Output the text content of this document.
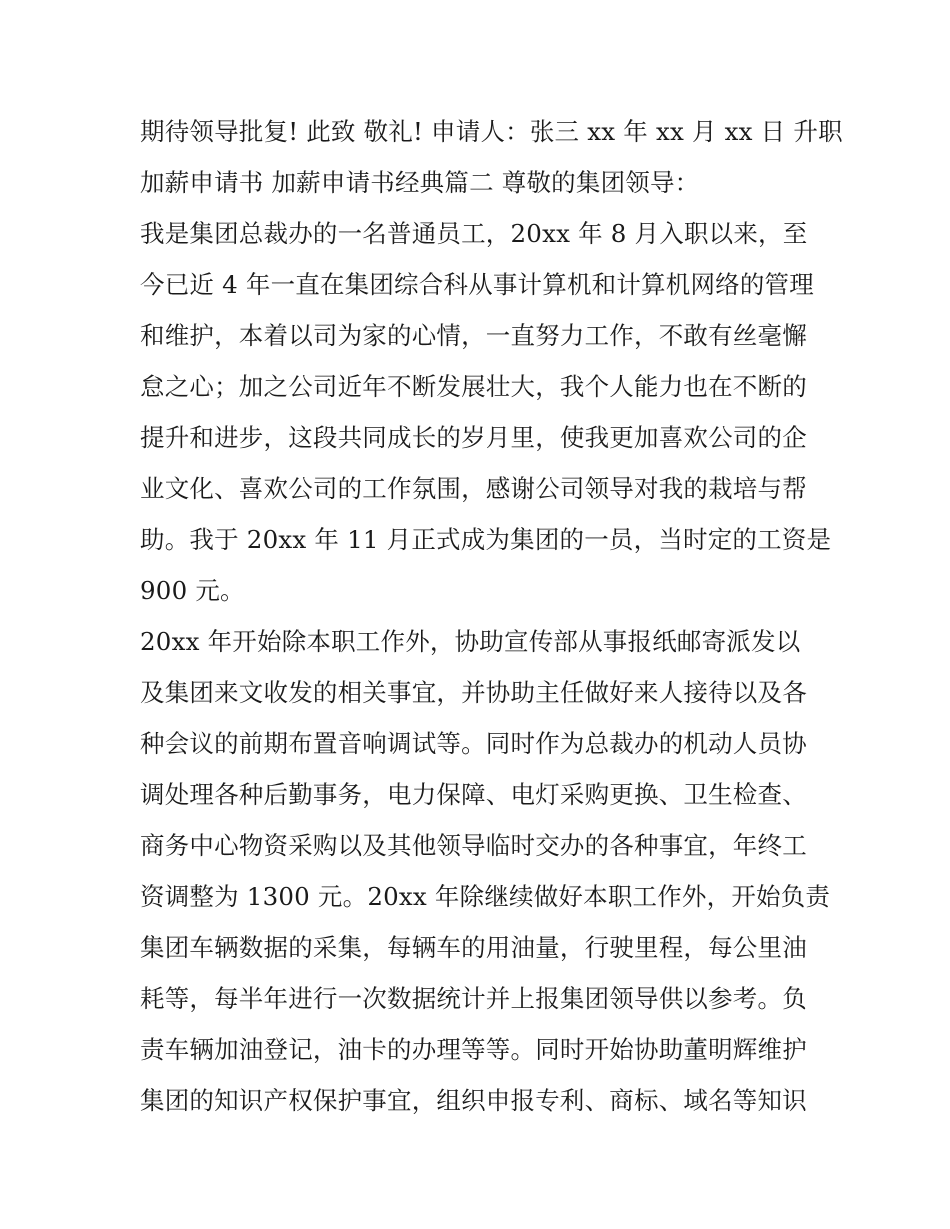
期待领导批复! 此致 敬礼! 申请人：张三 xx 年 xx 月 xx 日 升职
加薪申请书 加薪申请书经典篇二 尊敬的集团领导：
我是集团总裁办的一名普通员工，20xx 年 8 月入职以来，至
今已近 4 年一直在集团综合科从事计算机和计算机网络的管理
和维护，本着以司为家的心情，一直努力工作，不敢有丝毫懈
怠之心；加之公司近年不断发展壮大，我个人能力也在不断的
提升和进步，这段共同成长的岁月里，使我更加喜欢公司的企
业文化、喜欢公司的工作氛围，感谢公司领导对我的栽培与帮
助。我于 20xx 年 11 月正式成为集团的一员，当时定的工资是
900 元。
20xx 年开始除本职工作外，协助宣传部从事报纸邮寄派发以
及集团来文收发的相关事宜，并协助主任做好来人接待以及各
种会议的前期布置音响调试等。同时作为总裁办的机动人员协
调处理各种后勤事务，电力保障、电灯采购更换、卫生检查、
商务中心物资采购以及其他领导临时交办的各种事宜，年终工
资调整为 1300 元。20xx 年除继续做好本职工作外，开始负责
集团车辆数据的采集，每辆车的用油量，行驶里程，每公里油
耗等，每半年进行一次数据统计并上报集团领导供以参考。负
责车辆加油登记，油卡的办理等等。同时开始协助董明辉维护
集团的知识产权保护事宜，组织申报专利、商标、域名等知识
